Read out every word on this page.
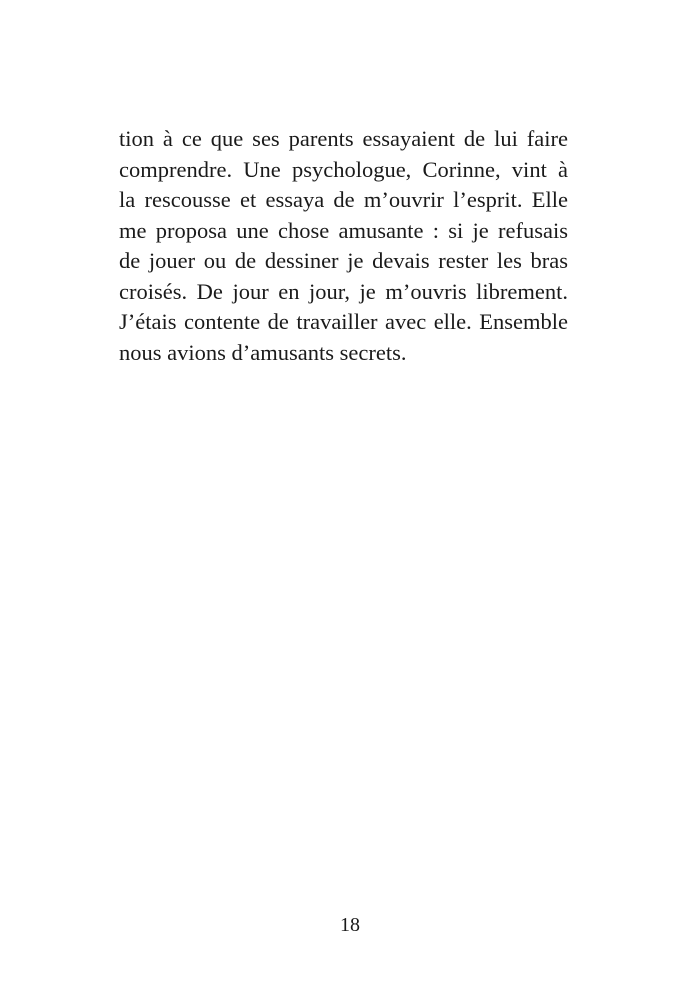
tion à ce que ses parents essayaient de lui faire
comprendre. Une psychologue, Corinne, vint à
la rescousse et essaya de m’ouvrir l’esprit. Elle
me proposa une chose amusante : si je refusais
de jouer ou de dessiner je devais rester les bras
croisés. De jour en jour, je m’ouvris librement.
J’étais contente de travailler avec elle. Ensemble
nous avions d’amusants secrets.
18
